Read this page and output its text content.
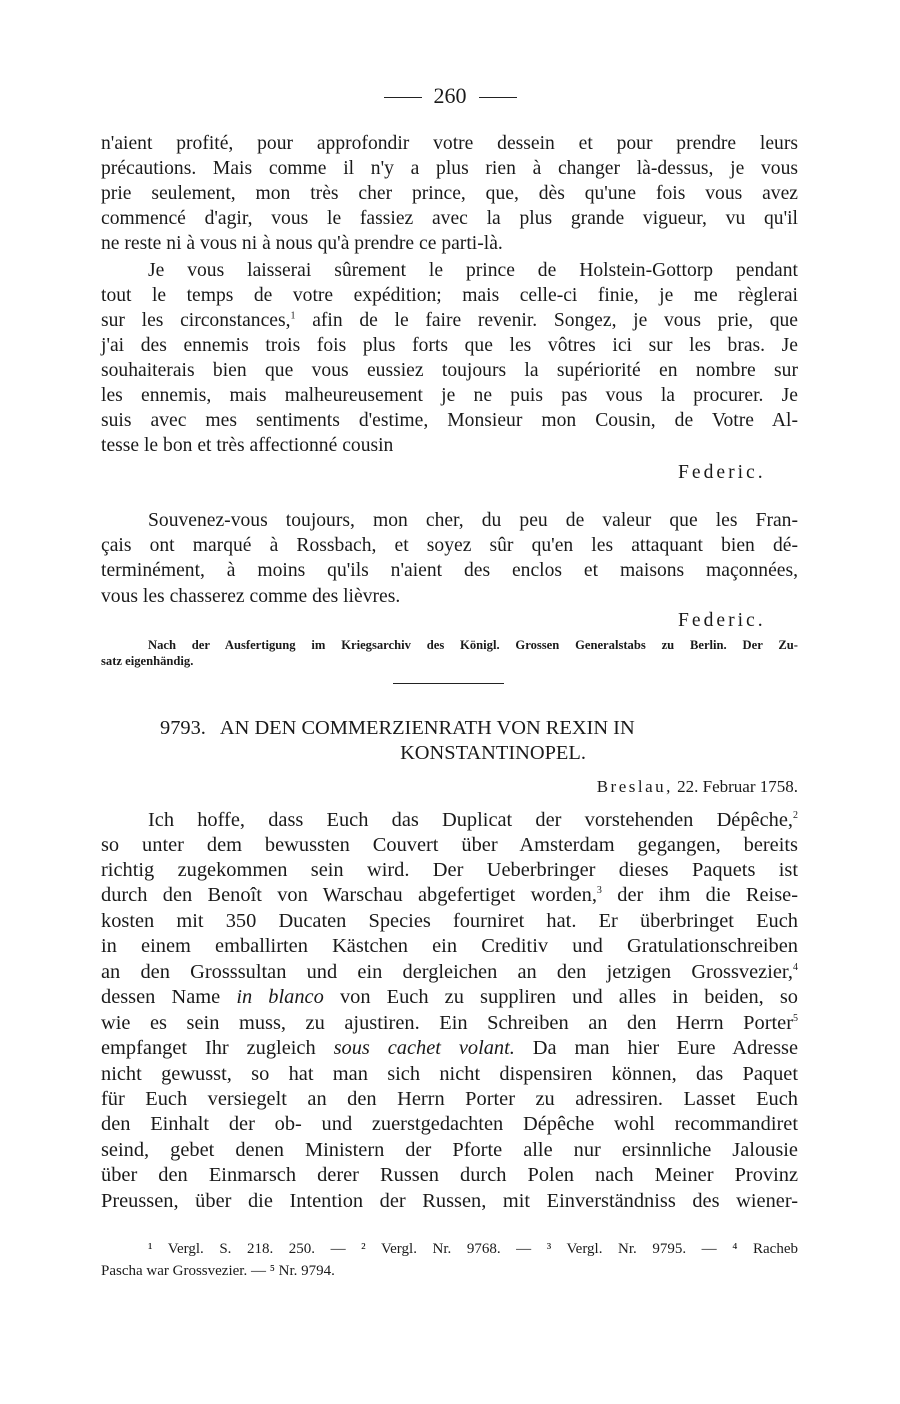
260
n'aient profité, pour approfondir votre dessein et pour prendre leurs
précautions. Mais comme il n'y a plus rien à changer là-dessus, je vous
prie seulement, mon très cher prince, que, dès qu'une fois vous avez
commencé d'agir, vous le fassiez avec la plus grande vigueur, vu qu'il
ne reste ni à vous ni à nous qu'à prendre ce parti-là.
Je vous laisserai sûrement le prince de Holstein-Gottorp pendant
tout le temps de votre expédition; mais celle-ci finie, je me règlerai
sur les circonstances,$^1$ afin de le faire revenir. Songez, je vous prie, que
j'ai des ennemis trois fois plus forts que les vôtres ici sur les bras. Je
souhaiterais bien que vous eussiez toujours la supériorité en nombre sur
les ennemis, mais malheureusement je ne puis pas vous la procurer. Je
suis avec mes sentiments d'estime, Monsieur mon Cousin, de Votre Al-
tesse le bon et très affectionné cousin
Federic.
Souvenez-vous toujours, mon cher, du peu de valeur que les Fran-
çais ont marqué à Rossbach, et soyez sûr qu'en les attaquant bien dé-
terminément, à moins qu'ils n'aient des enclos et maisons maçonnées,
vous les chasserez comme des lièvres.
Federic.
Nach der Ausfertigung im Kriegsarchiv des Königl. Grossen Generalstabs zu Berlin. Der Zu-
satz eigenhändig.
9793. AN DEN COMMERZIENRATH VON REXIN IN
KONSTANTINOPEL.
Breslau, 22. Februar 1758.
Ich hoffe, dass Euch das Duplicat der vorstehenden Dépêche,$^2$
so unter dem bewussten Couvert über Amsterdam gegangen, bereits
richtig zugekommen sein wird. Der Ueberbringer dieses Paquets ist
durch den Benoît von Warschau abgefertiget worden,$^3$ der ihm die Reise-
kosten mit 350 Ducaten Species fourniret hat. Er überbringet Euch
in einem emballirten Kästchen ein Creditiv und Gratulationschreiben
an den Grosssultan und ein dergleichen an den jetzigen Grossvezier,$^4$
dessen Name in blanco von Euch zu suppliren und alles in beiden, so
wie es sein muss, zu ajustiren. Ein Schreiben an den Herrn Porter$^5$
empfanget Ihr zugleich sous cachet volant. Da man hier Eure Adresse
nicht gewusst, so hat man sich nicht dispensiren können, das Paquet
für Euch versiegelt an den Herrn Porter zu adressiren. Lasset Euch
den Einhalt der ob- und zuerstgedachten Dépêche wohl recommandiret
seind, gebet denen Ministern der Pforte alle nur ersinnliche Jalousie
über den Einmarsch derer Russen durch Polen nach Meiner Provinz
Preussen, über die Intention der Russen, mit Einverständniss des wiener-
¹ Vergl. S. 218. 250. — ² Vergl. Nr. 9768. — ³ Vergl. Nr. 9795. — ⁴ Racheb
Pascha war Grossvezier. — ⁵ Nr. 9794.
